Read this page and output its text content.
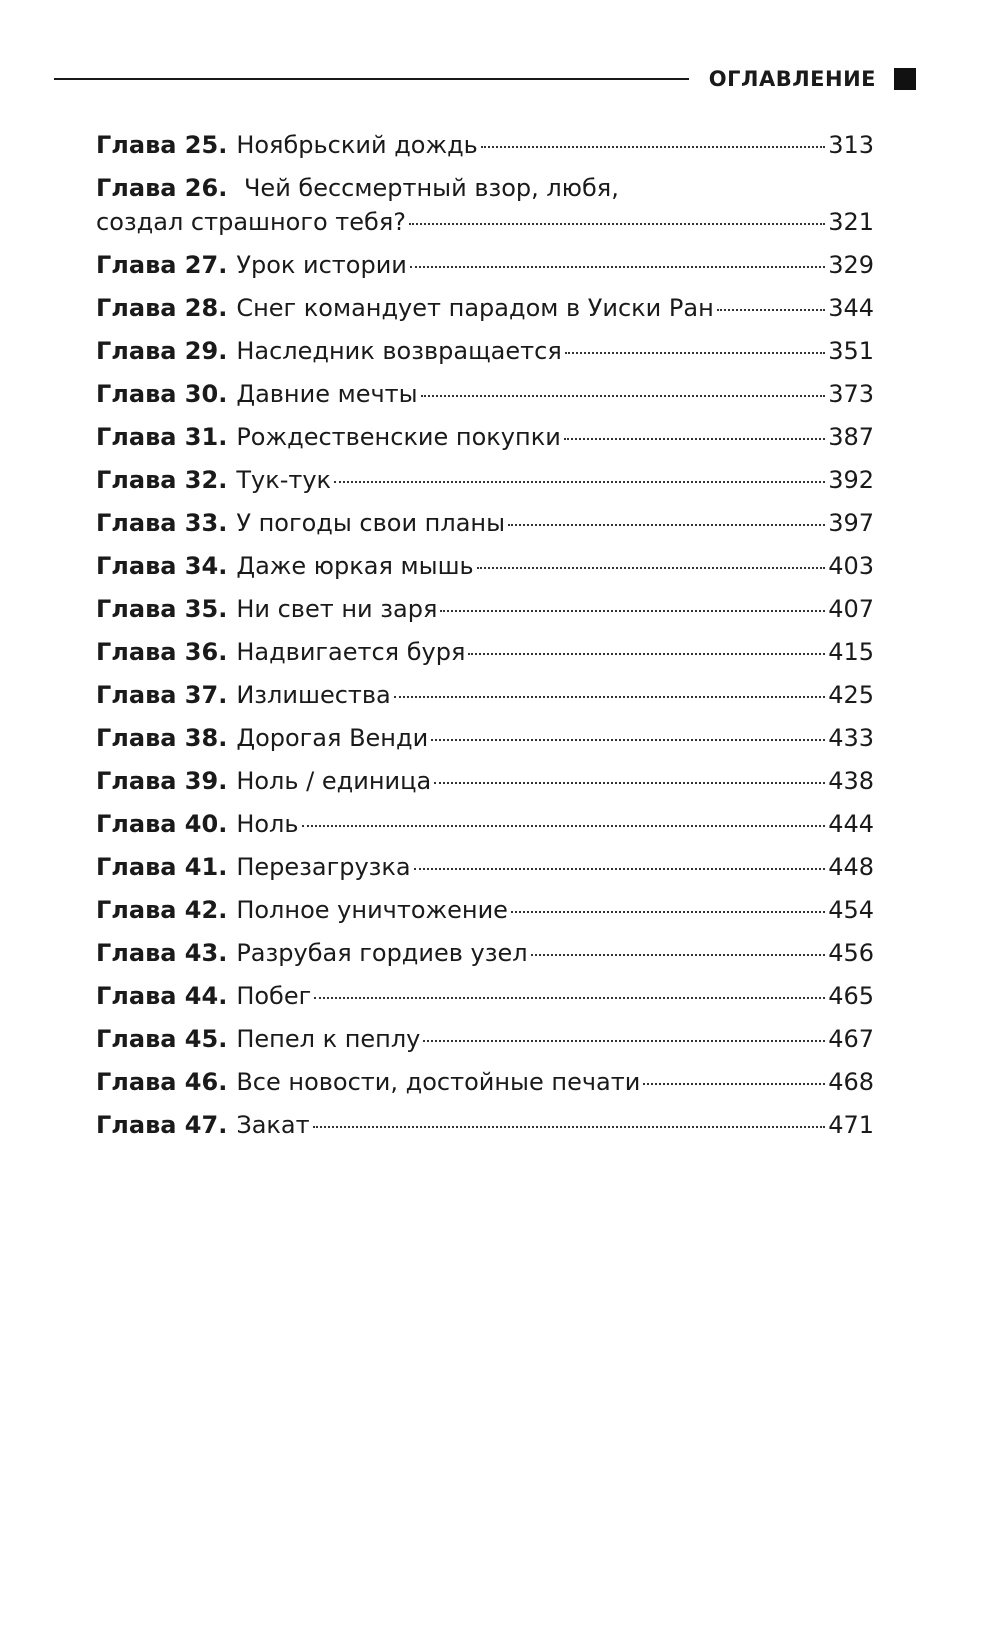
ОГЛАВЛЕНИЕ
Глава 25. Ноябрьский дождь	313
Глава 26. Чей бессмертный взор, любя,
создал страшного тебя?	321
Глава 27. Урок истории	329
Глава 28. Снег командует парадом в Уиски Ран	344
Глава 29. Наследник возвращается	351
Глава 30. Давние мечты	373
Глава 31. Рождественские покупки	387
Глава 32. Тук-тук	392
Глава 33. У погоды свои планы	397
Глава 34. Даже юркая мышь	403
Глава 35. Ни свет ни заря	407
Глава 36. Надвигается буря	415
Глава 37. Излишества	425
Глава 38. Дорогая Венди	433
Глава 39. Ноль / единица	438
Глава 40. Ноль	444
Глава 41. Перезагрузка	448
Глава 42. Полное уничтожение	454
Глава 43. Разрубая гордиев узел	456
Глава 44. Побег	465
Глава 45. Пепел к пеплу	467
Глава 46. Все новости, достойные печати	468
Глава 47. Закат	471
